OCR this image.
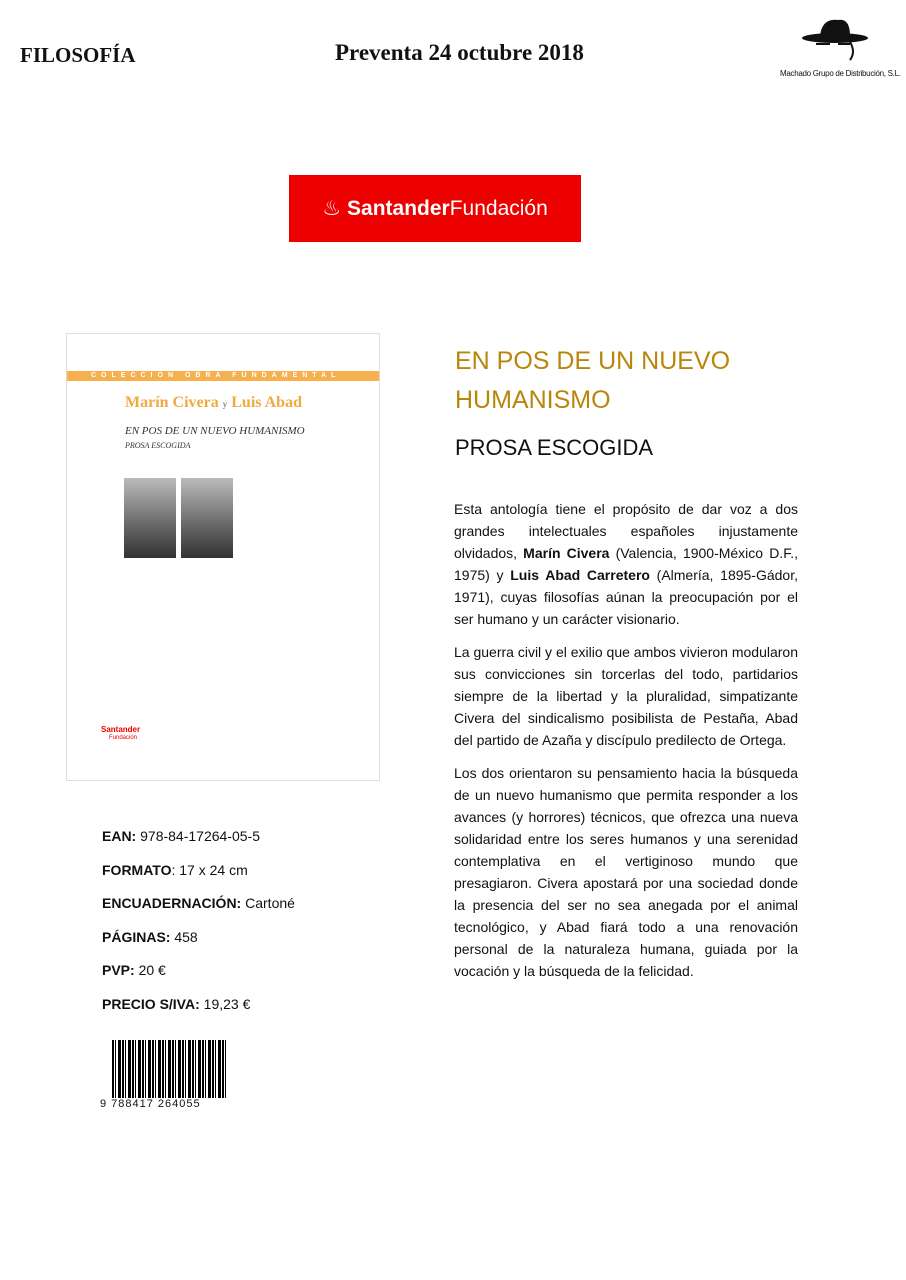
FILOSOFÍA	Preventa 24 octubre 2018
Machado Grupo de Distribución, S.L.
♨ Santander Fundación
COLECCIÓN OBRA FUNDAMENTAL
Marín Civera y Luis Abad
EN POS DE UN NUEVO HUMANISMO
PROSA ESCOGIDA
Santander
Fundación
EN POS DE UN NUEVO
HUMANISMO
PROSA ESCOGIDA

Esta antología tiene el propósito de dar voz a dos grandes intelectuales españoles injustamente olvidados, Marín Civera (Valencia, 1900-México D.F., 1975) y Luis Abad Carretero (Almería, 1895-Gádor, 1971), cuyas filosofías aúnan la preocupación por el ser humano y un carácter visionario.

La guerra civil y el exilio que ambos vivieron modularon sus convicciones sin torcerlas del todo, partidarios siempre de la libertad y la pluralidad, simpatizante Civera del sindicalismo posibilista de Pestaña, Abad del partido de Azaña y discípulo predilecto de Ortega.

Los dos orientaron su pensamiento hacia la búsqueda de un nuevo humanismo que permita responder a los avances (y horrores) técnicos, que ofrezca una nueva solidaridad entre los seres humanos y una serenidad contemplativa en el vertiginoso mundo que presagiaron. Civera apostará por una sociedad donde la presencia del ser no sea anegada por el animal tecnológico, y Abad fiará todo a una renovación personal de la naturaleza humana, guiada por la vocación y la búsqueda de la felicidad.

EAN: 978-84-17264-05-5
FORMATO: 17 x 24 cm
ENCUADERNACIÓN: Cartoné
PÁGINAS: 458
PVP: 20 €
PRECIO S/IVA: 19,23 €
9 788417 264055
